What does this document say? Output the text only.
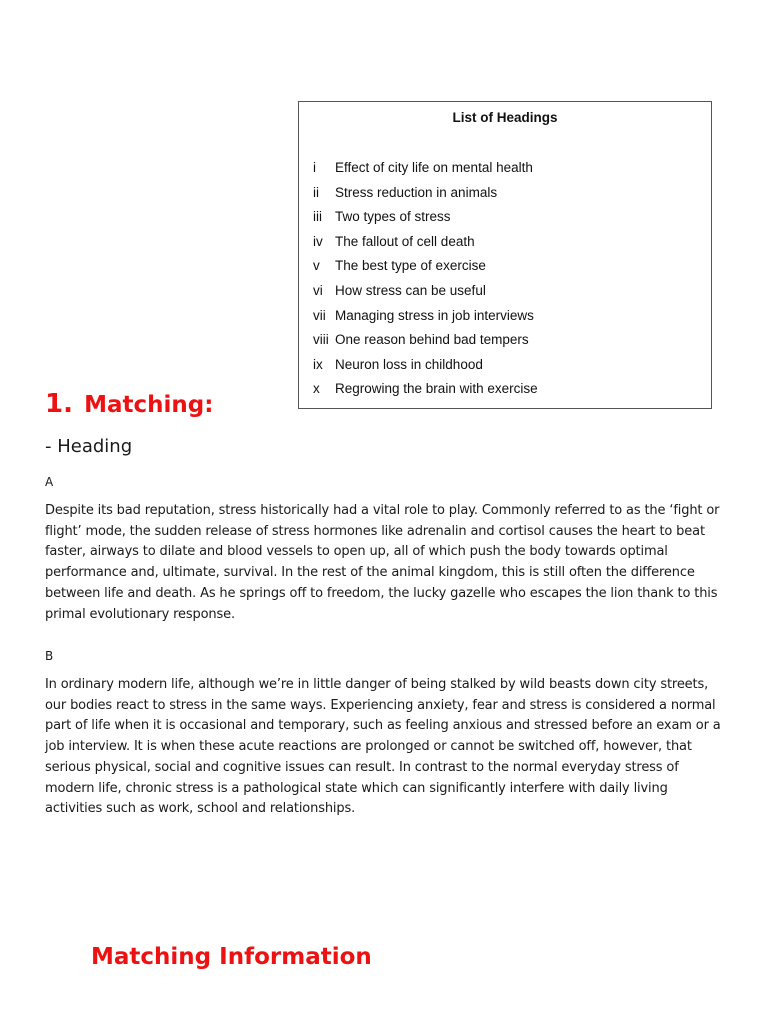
List of Headings
i	Effect of city life on mental health
ii	Stress reduction in animals
iii Two types of stress
iv The fallout of cell death
v	The best type of exercise
vi How stress can be useful
vii Managing stress in job interviews
viii One reason behind bad tempers
ix Neuron loss in childhood
x	Regrowing the brain with exercise
1. Matching:
- Heading
A

Despite its bad reputation, stress historically had a vital role to play. Commonly referred to as the ‘fight or flight’ mode, the sudden release of stress hormones like adrenalin and cortisol causes the heart to beat faster, airways to dilate and blood vessels to open up, all of which push the body towards optimal performance and, ultimate, survival. In the rest of the animal kingdom, this is still often the difference between life and death. As he springs off to freedom, the lucky gazelle who escapes the lion thank to this primal evolutionary response.

B

In ordinary modern life, although we’re in little danger of being stalked by wild beasts down city streets, our bodies react to stress in the same ways. Experiencing anxiety, fear and stress is considered a normal part of life when it is occasional and temporary, such as feeling anxious and stressed before an exam or a job interview. It is when these acute reactions are prolonged or cannot be switched off, however, that serious physical, social and cognitive issues can result. In contrast to the normal everyday stress of modern life, chronic stress is a pathological state which can significantly interfere with daily living activities such as work, school and relationships.

Matching Information
